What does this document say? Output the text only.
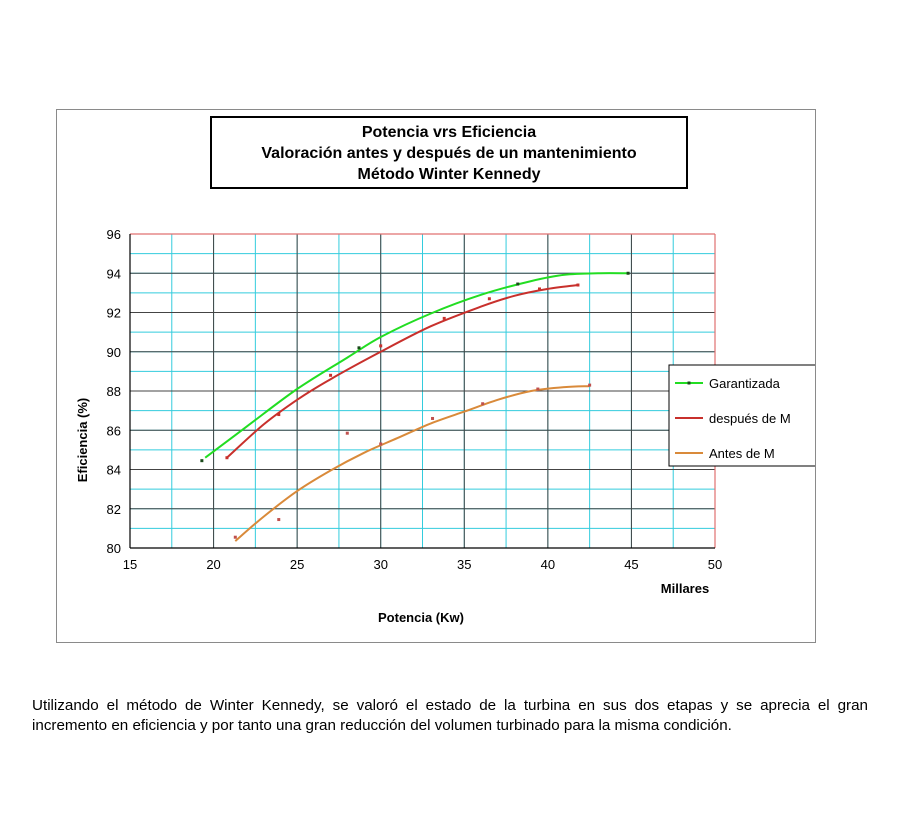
15	20	25	30	35	40	45	50
80
82
84
86
88
90
92
94
96
Garantizada
después de M
Antes de M
Potencia (Kw)
Millares
Eficiencia (%)
Potencia vrs Eficiencia
Valoración antes y después de un mantenimiento
Método Winter Kennedy

Utilizando el método de Winter Kennedy, se valoró el estado de la turbina en sus dos etapas y se aprecia el gran incremento en eficiencia y por tanto una gran reducción del volumen turbinado para la misma condición.
